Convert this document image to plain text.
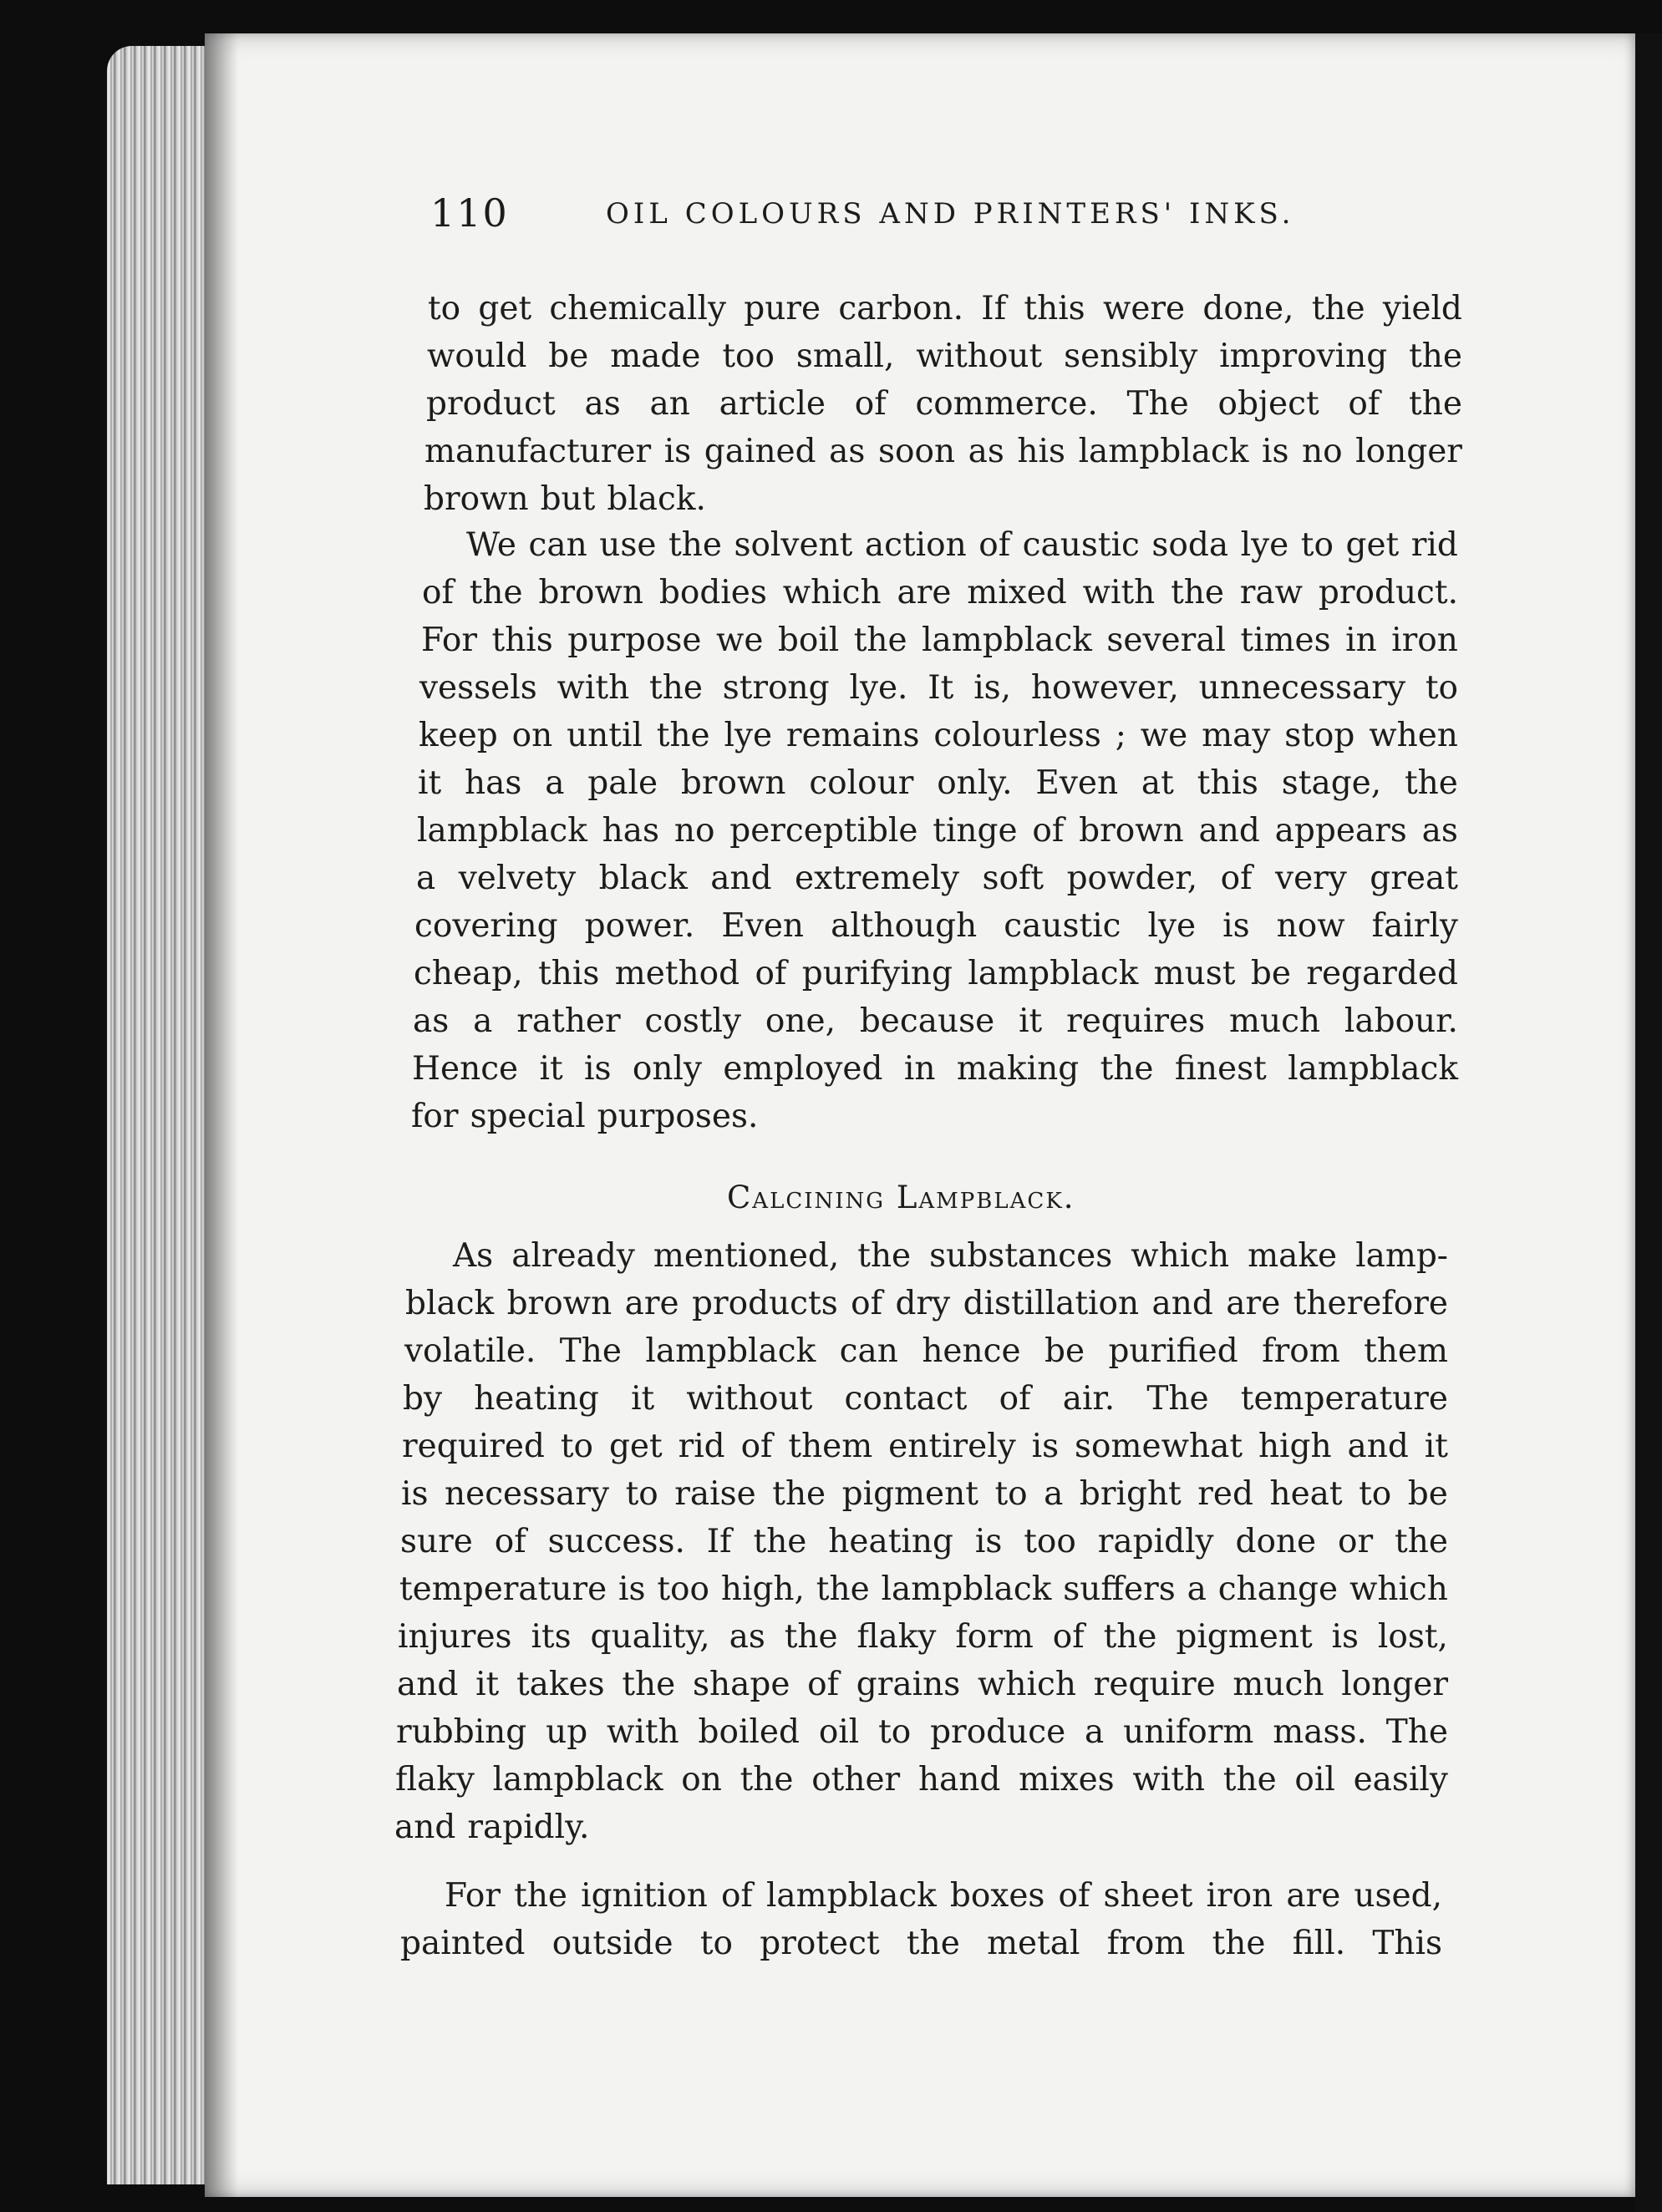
110	OIL COLOURS AND PRINTERS' INKS.
to get chemically pure carbon. If this were done, the yield
would be made too small, without sensibly improving the
product as an article of commerce. The object of the
manufacturer is gained as soon as his lampblack is no longer
brown but black.
We can use the solvent action of caustic soda lye to get rid
of the brown bodies which are mixed with the raw product.
For this purpose we boil the lampblack several times in iron
vessels with the strong lye. It is, however, unnecessary to
keep on until the lye remains colourless ; we may stop when
it has a pale brown colour only. Even at this stage, the
lampblack has no perceptible tinge of brown and appears as
a velvety black and extremely soft powder, of very great
covering power. Even although caustic lye is now fairly
cheap, this method of purifying lampblack must be regarded
as a rather costly one, because it requires much labour.
Hence it is only employed in making the finest lampblack
for special purposes.
As already mentioned, the substances which make lamp-
black brown are products of dry distillation and are therefore
volatile. The lampblack can hence be purified from them
by heating it without contact of air. The temperature
required to get rid of them entirely is somewhat high and it
is necessary to raise the pigment to a bright red heat to be
sure of success. If the heating is too rapidly done or the
temperature is too high, the lampblack suffers a change which
injures its quality, as the flaky form of the pigment is lost,
and it takes the shape of grains which require much longer
rubbing up with boiled oil to produce a uniform mass. The
flaky lampblack on the other hand mixes with the oil easily
and rapidly.
For the ignition of lampblack boxes of sheet iron are used,
painted outside to protect the metal from the fill. This
Calcining Lampblack.
